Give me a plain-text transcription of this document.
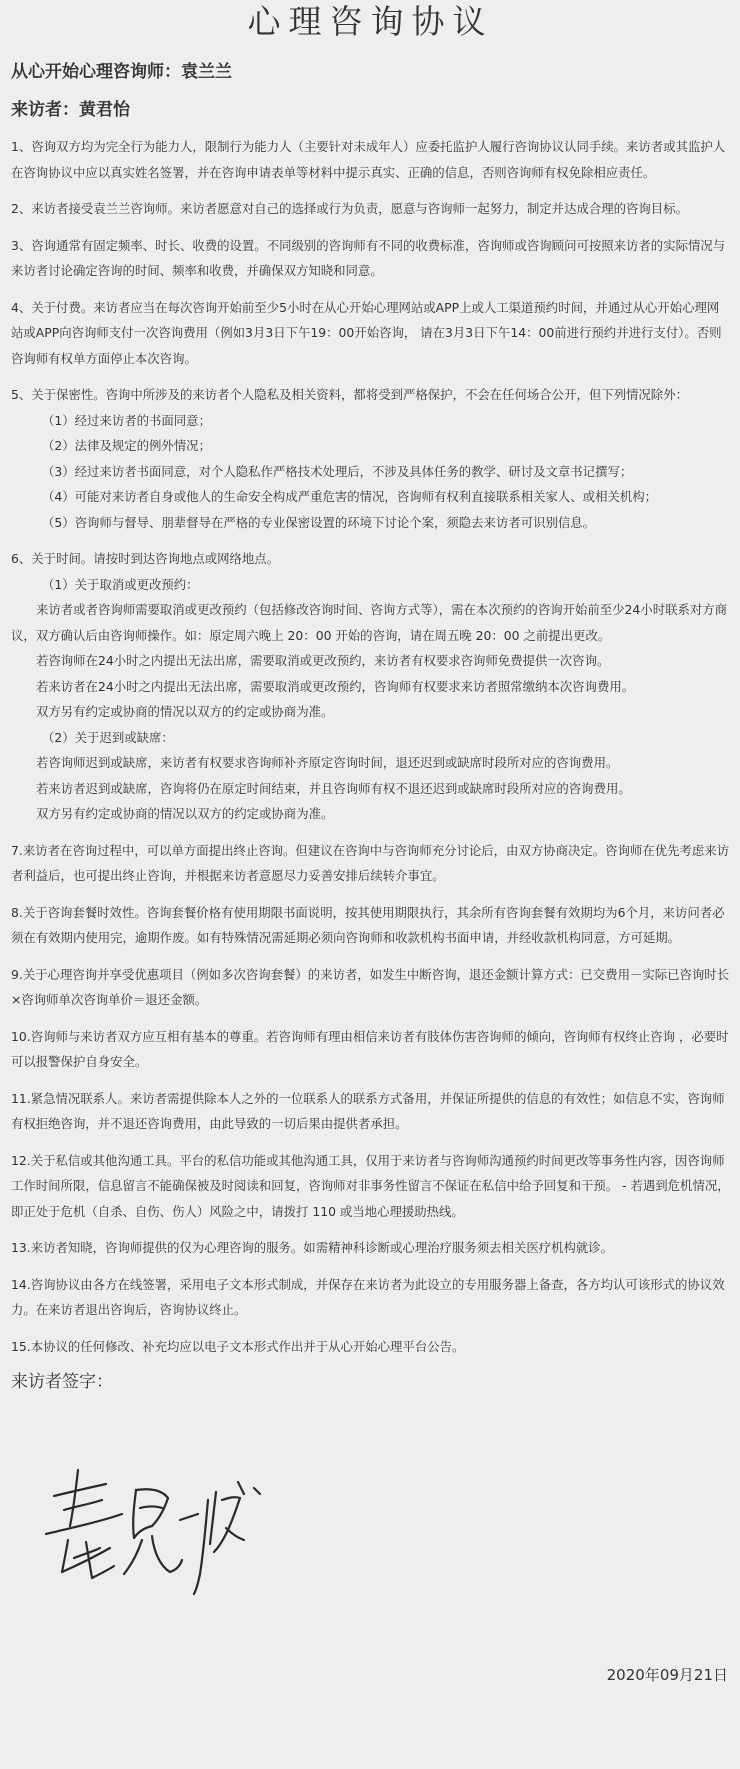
心理咨询协议
从心开始心理咨询师：袁兰兰
来访者：黄君怡

1、咨询双方均为完全行为能力人，限制行为能力人（主要针对未成年人）应委托监护人履行咨询协议认同手续。来访者或其监护人在咨询协议中应以真实姓名签署，并在咨询申请表单等材料中提示真实、正确的信息，否则咨询师有权免除相应责任。

2、来访者接受袁兰兰咨询师。来访者愿意对自己的选择或行为负责，愿意与咨询师一起努力，制定并达成合理的咨询目标。

3、咨询通常有固定频率、时长、收费的设置。不同级别的咨询师有不同的收费标准，咨询师或咨询顾问可按照来访者的实际情况与来访者讨论确定咨询的时间、频率和收费，并确保双方知晓和同意。

4、关于付费。来访者应当在每次咨询开始前至少5小时在从心开始心理网站或APP上或人工渠道预约时间，并通过从心开始心理网站或APP向咨询师支付一次咨询费用（例如3月3日下午19：00开始咨询， 请在3月3日下午14：00前进行预约并进行支付）。否则咨询师有权单方面停止本次咨询。

5、关于保密性。咨询中所涉及的来访者个人隐私及相关资料，都将受到严格保护，不会在任何场合公开，但下列情况除外：

（1）经过来访者的书面同意；

（2）法律及规定的例外情况；

（3）经过来访者书面同意，对个人隐私作严格技术处理后，不涉及具体任务的教学、研讨及文章书记撰写；

（4）可能对来访者自身或他人的生命安全构成严重危害的情况，咨询师有权利直接联系相关家人、或相关机构；

（5）咨询师与督导、朋辈督导在严格的专业保密设置的环境下讨论个案，须隐去来访者可识别信息。

6、关于时间。请按时到达咨询地点或网络地点。

（1）关于取消或更改预约：

来访者或者咨询师需要取消或更改预约（包括修改咨询时间、咨询方式等），需在本次预约的咨询开始前至少24小时联系对方商议，双方确认后由咨询师操作。如：原定周六晚上 20：00 开始的咨询，请在周五晚 20：00 之前提出更改。

若咨询师在24小时之内提出无法出席，需要取消或更改预约，来访者有权要求咨询师免费提供一次咨询。

若来访者在24小时之内提出无法出席，需要取消或更改预约，咨询师有权要求来访者照常缴纳本次咨询费用。

双方另有约定或协商的情况以双方的约定或协商为准。

（2）关于迟到或缺席：

若咨询师迟到或缺席，来访者有权要求咨询师补齐原定咨询时间，退还迟到或缺席时段所对应的咨询费用。

若来访者迟到或缺席，咨询将仍在原定时间结束，并且咨询师有权不退还迟到或缺席时段所对应的咨询费用。

双方另有约定或协商的情况以双方的约定或协商为准。

7.来访者在咨询过程中，可以单方面提出终止咨询。但建议在咨询中与咨询师充分讨论后，由双方协商决定。咨询师在优先考虑来访者利益后，也可提出终止咨询，并根据来访者意愿尽力妥善安排后续转介事宜。

8.关于咨询套餐时效性。咨询套餐价格有使用期限书面说明，按其使用期限执行，其余所有咨询套餐有效期均为6个月，来访问者必须在有效期内使用完，逾期作废。如有特殊情况需延期必须向咨询师和收款机构书面申请，并经收款机构同意，方可延期。

9.关于心理咨询并享受优惠项目（例如多次咨询套餐）的来访者，如发生中断咨询，退还金额计算方式：已交费用－实际已咨询时长×咨询师单次咨询单价＝退还金额。

10.咨询师与来访者双方应互相有基本的尊重。若咨询师有理由相信来访者有肢体伤害咨询师的倾向，咨询师有权终止咨询 ，必要时可以报警保护自身安全。

11.紧急情况联系人。来访者需提供除本人之外的一位联系人的联系方式备用，并保证所提供的信息的有效性；如信息不实，咨询师有权拒绝咨询，并不退还咨询费用，由此导致的一切后果由提供者承担。

12.关于私信或其他沟通工具。平台的私信功能或其他沟通工具，仅用于来访者与咨询师沟通预约时间更改等事务性内容，因咨询师工作时间所限，信息留言不能确保被及时阅读和回复，咨询师对非事务性留言不保证在私信中给予回复和干预。 - 若遇到危机情况，即正处于危机（自杀、自伤、伤人）风险之中，请拨打 110 或当地心理援助热线。

13.来访者知晓，咨询师提供的仅为心理咨询的服务。如需精神科诊断或心理治疗服务须去相关医疗机构就诊。

14.咨询协议由各方在线签署，采用电子文本形式制成，并保存在来访者为此设立的专用服务器上备查，各方均认可该形式的协议效力。在来访者退出咨询后，咨询协议终止。

15.本协议的任何修改、补充均应以电子文本形式作出并于从心开始心理平台公告。

来访者签字：
2020年09月21日
